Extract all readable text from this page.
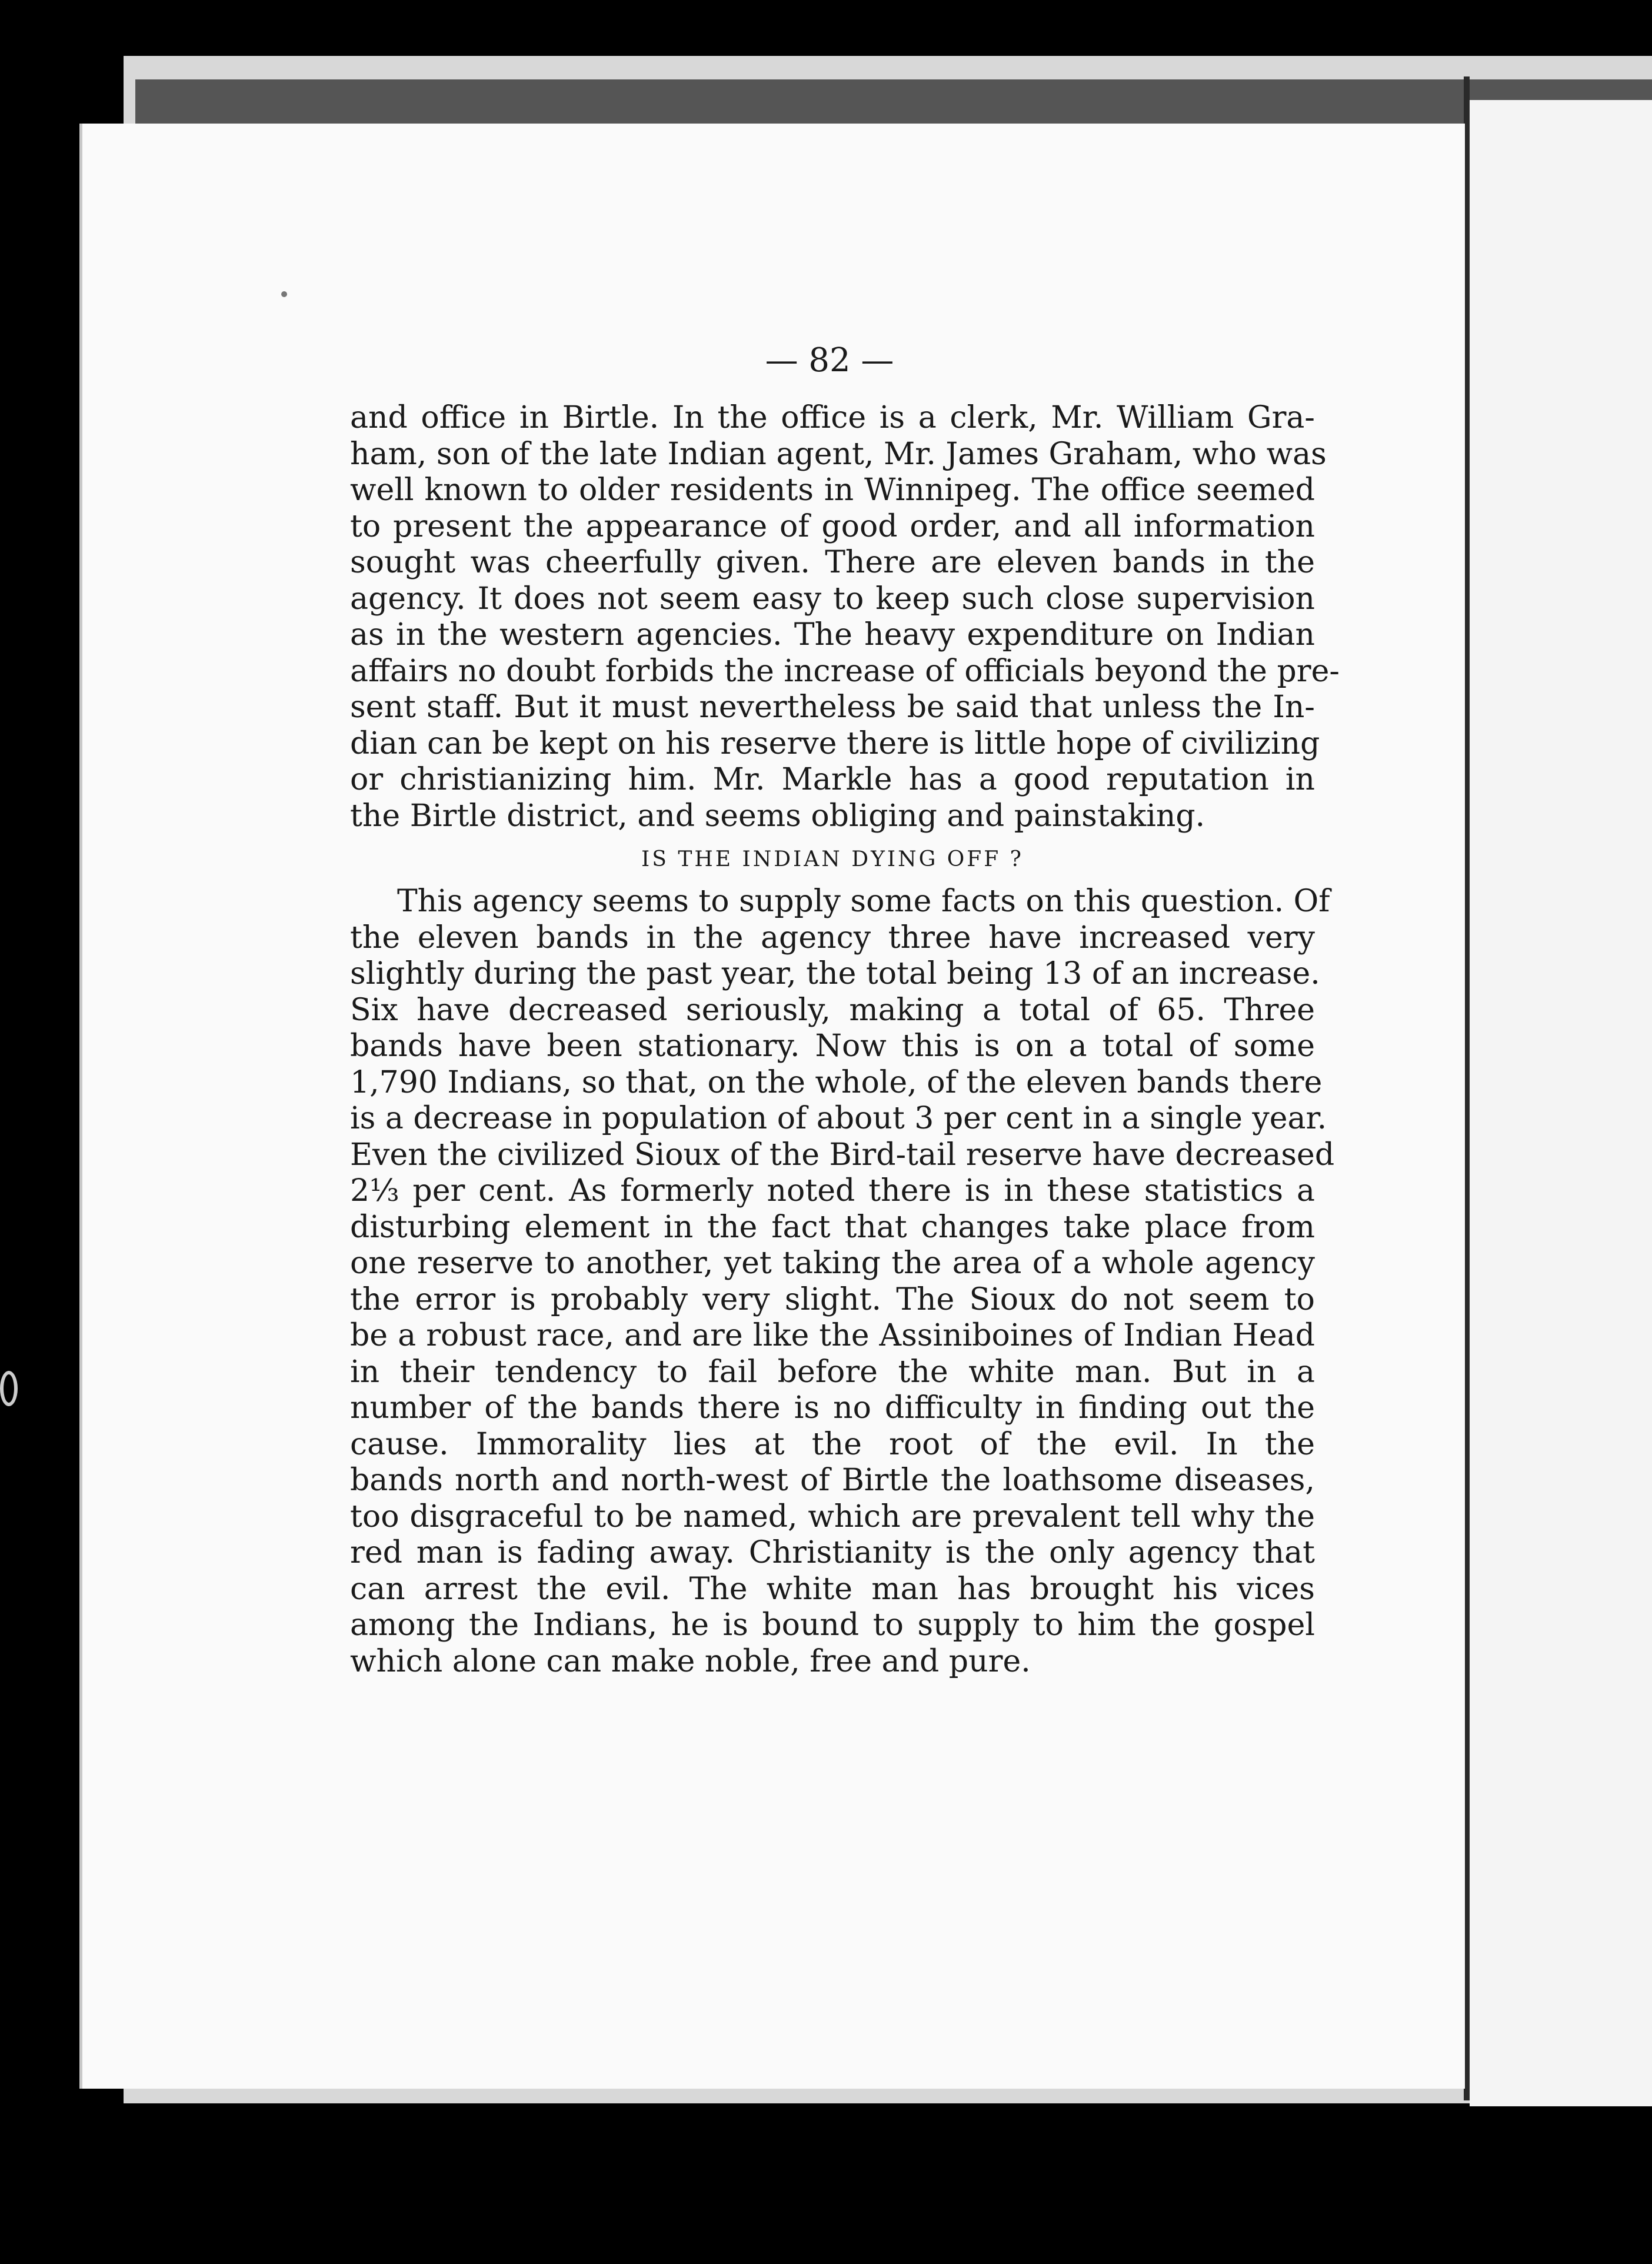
— 82 —
and office in Birtle. In the office is a clerk, Mr. William Gra-
ham, son of the late Indian agent, Mr. James Graham, who was
well known to older residents in Winnipeg. The office seemed
to present the appearance of good order, and all information
sought was cheerfully given. There are eleven bands in the
agency. It does not seem easy to keep such close supervision
as in the western agencies. The heavy expenditure on Indian
affairs no doubt forbids the increase of officials beyond the pre-
sent staff. But it must nevertheless be said that unless the In-
dian can be kept on his reserve there is little hope of civilizing
or christianizing him. Mr. Markle has a good reputation in
the Birtle district, and seems obliging and painstaking.
IS THE INDIAN DYING OFF ?
This agency seems to supply some facts on this question. Of
the eleven bands in the agency three have increased very
slightly during the past year, the total being 13 of an increase.
Six have decreased seriously, making a total of 65. Three
bands have been stationary. Now this is on a total of some
1,790 Indians, so that, on the whole, of the eleven bands there
is a decrease in population of about 3 per cent in a single year.
Even the civilized Sioux of the Bird-tail reserve have decreased
2⅓ per cent. As formerly noted there is in these statistics a
disturbing element in the fact that changes take place from
one reserve to another, yet taking the area of a whole agency
the error is probably very slight. The Sioux do not seem to
be a robust race, and are like the Assiniboines of Indian Head
in their tendency to fail before the white man. But in a
number of the bands there is no difficulty in finding out the
cause. Immorality lies at the root of the evil. In the
bands north and north-west of Birtle the loathsome diseases,
too disgraceful to be named, which are prevalent tell why the
red man is fading away. Christianity is the only agency that
can arrest the evil. The white man has brought his vices
among the Indians, he is bound to supply to him the gospel
which alone can make noble, free and pure.
